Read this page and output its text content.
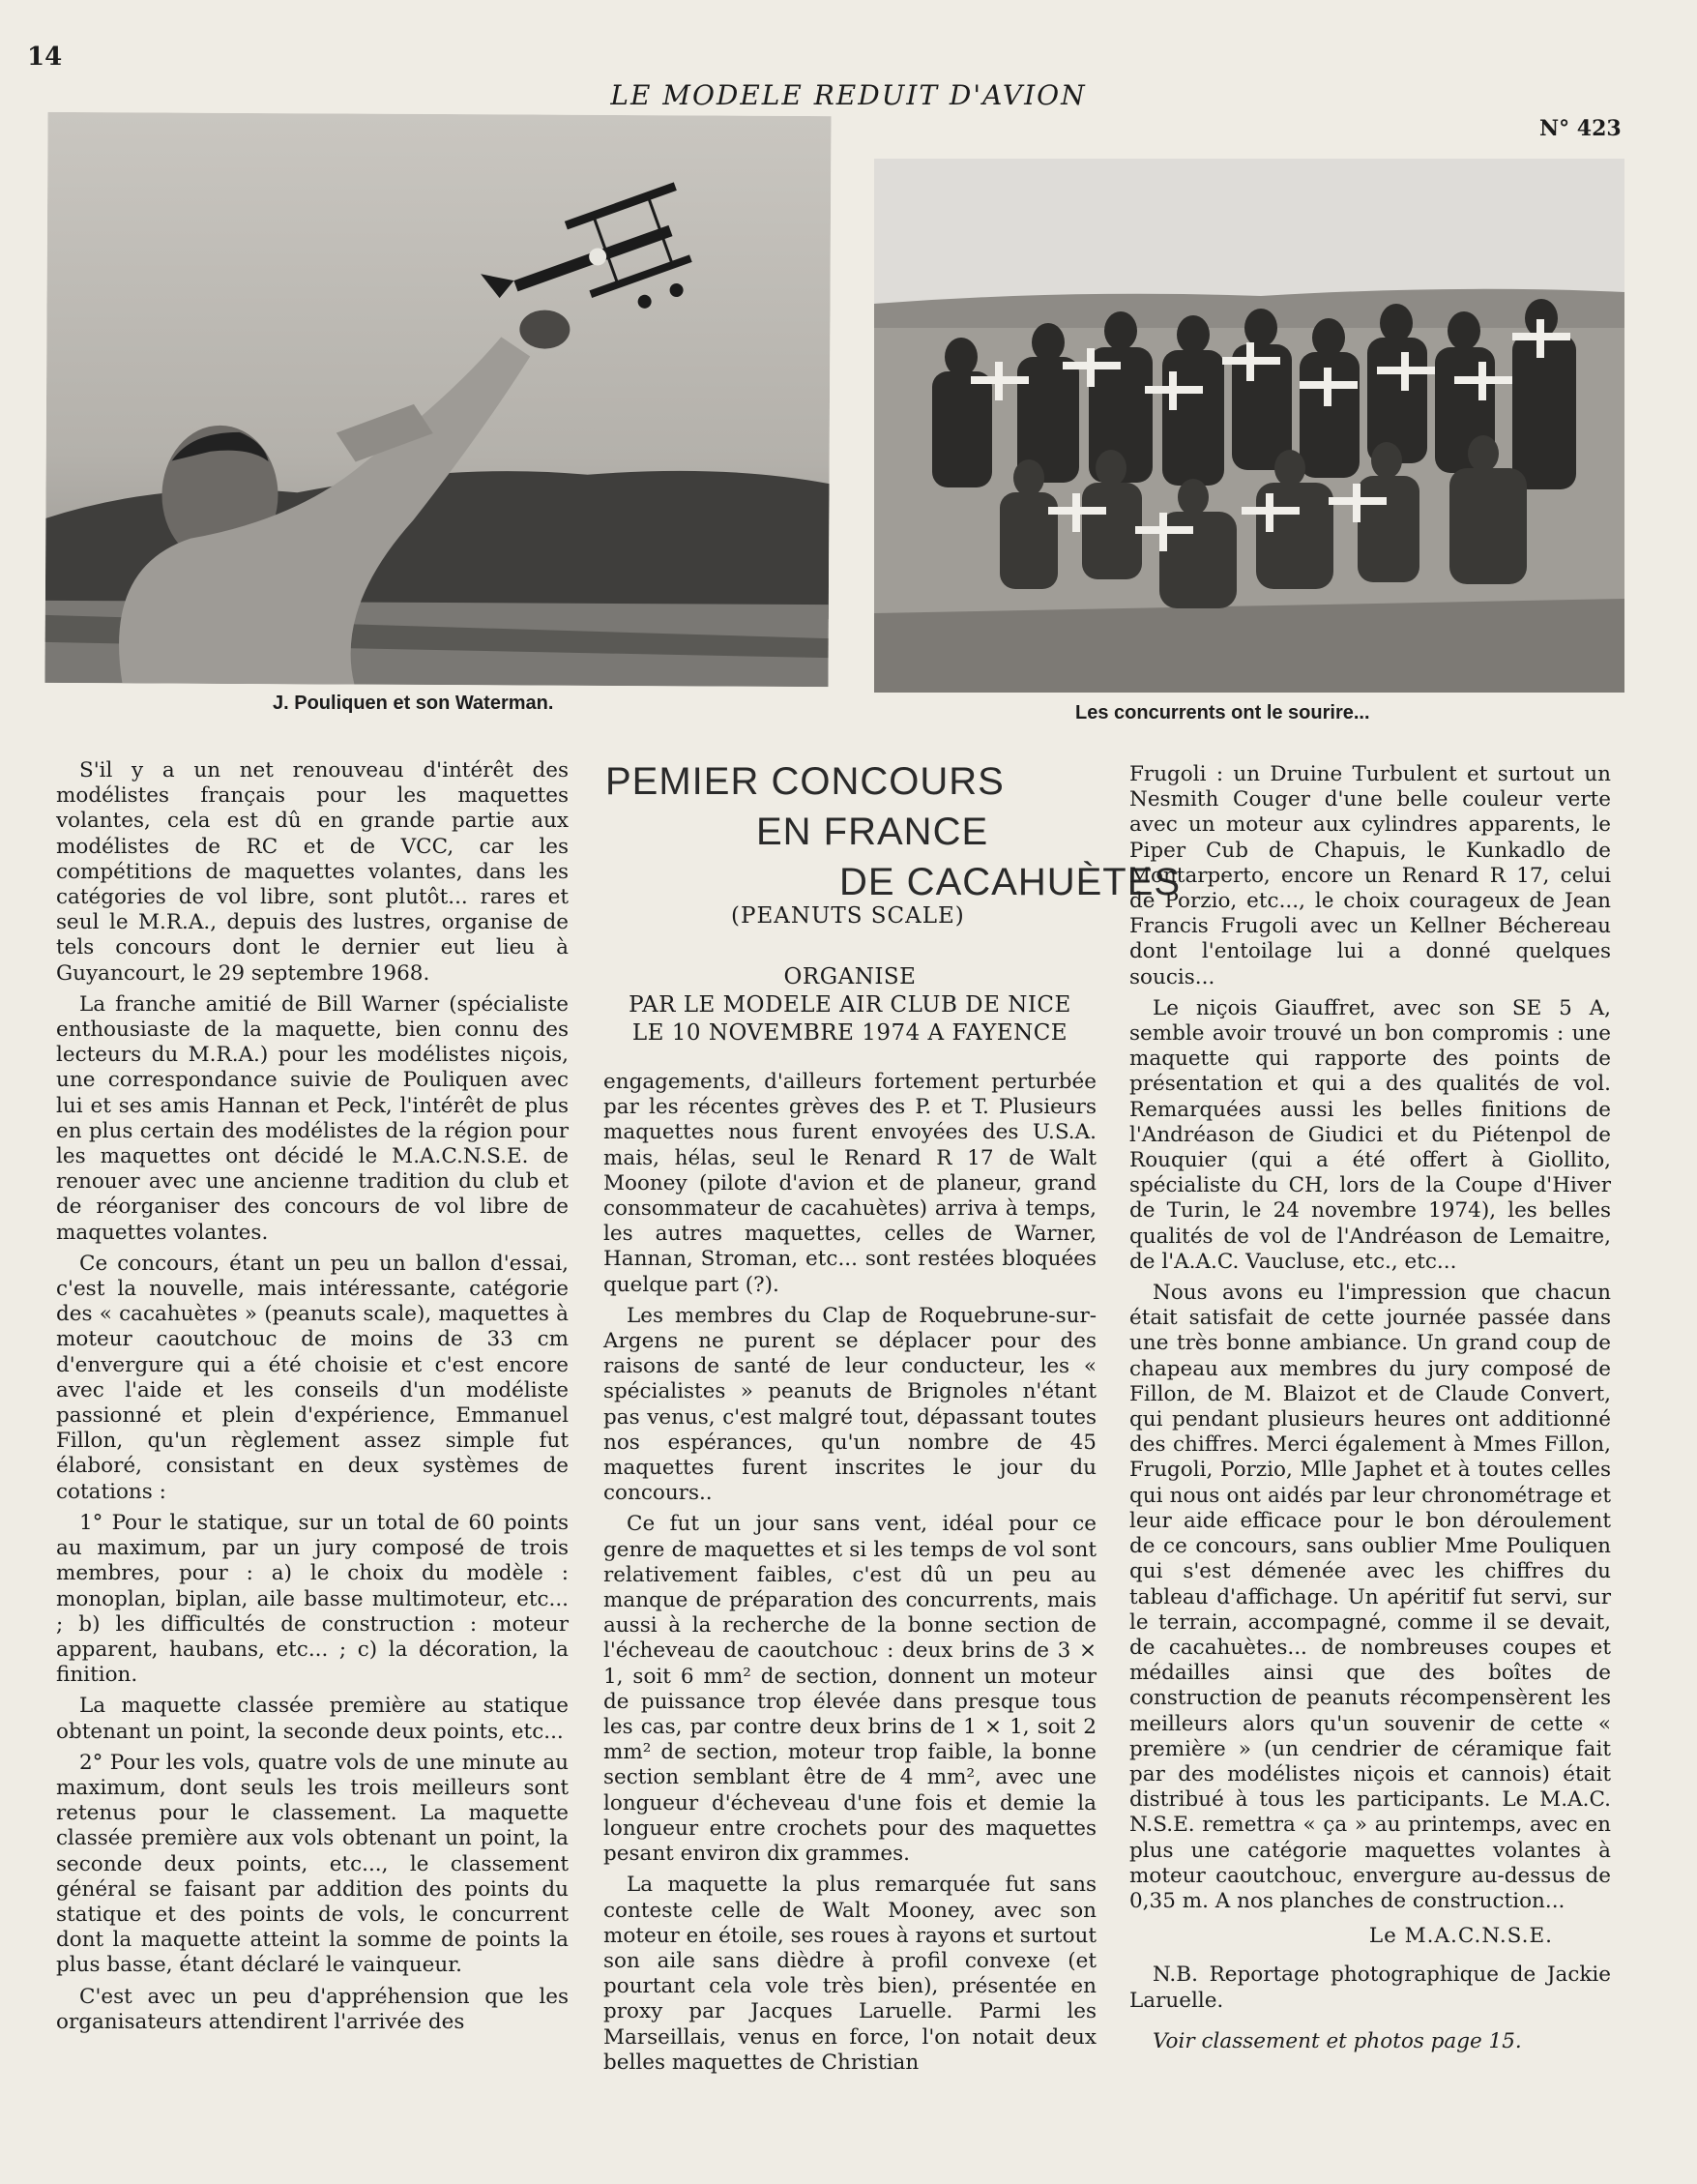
14
LE MODELE REDUIT D'AVION
N° 423
J. Pouliquen et son Waterman.	Les concurrents ont le sourire...

S'il y a un net renouveau d'intérêt des modélistes français pour les maquettes volantes, cela est dû en grande partie aux modélistes de RC et de VCC, car les compétitions de maquettes volantes, dans les catégories de vol libre, sont plutôt... rares et seul le M.R.A., depuis des lustres, organise de tels concours dont le dernier eut lieu à Guyancourt, le 29 septembre 1968.

La franche amitié de Bill Warner (spécialiste enthousiaste de la maquette, bien connu des lecteurs du M.R.A.) pour les modélistes niçois, une correspondance suivie de Pouliquen avec lui et ses amis Hannan et Peck, l'intérêt de plus en plus certain des modélistes de la région pour les maquettes ont décidé le M.A.C.N.S.E. de renouer avec une ancienne tradition du club et de réorganiser des concours de vol libre de maquettes volantes.

Ce concours, étant un peu un ballon d'essai, c'est la nouvelle, mais intéressante, catégorie des « cacahuètes » (peanuts scale), maquettes à moteur caoutchouc de moins de 33 cm d'envergure qui a été choisie et c'est encore avec l'aide et les conseils d'un modéliste passionné et plein d'expérience, Emmanuel Fillon, qu'un règlement assez simple fut élaboré, consistant en deux systèmes de cotations :

1° Pour le statique, sur un total de 60 points au maximum, par un jury composé de trois membres, pour : a) le choix du modèle : monoplan, biplan, aile basse multimoteur, etc... ; b) les difficultés de construction : moteur apparent, haubans, etc... ; c) la décoration, la finition.

La maquette classée première au statique obtenant un point, la seconde deux points, etc...

2° Pour les vols, quatre vols de une minute au maximum, dont seuls les trois meilleurs sont retenus pour le classement. La maquette classée première aux vols obtenant un point, la seconde deux points, etc..., le classement général se faisant par addition des points du statique et des points de vols, le concurrent dont la maquette atteint la somme de points la plus basse, étant déclaré le vainqueur.

C'est avec un peu d'appréhension que les organisateurs attendirent l'arrivée des

PEMIER CONCOURS
EN FRANCE
DE CACAHUÈTES
(PEANUTS SCALE)
ORGANISE
PAR LE MODELE AIR CLUB DE NICE
LE 10 NOVEMBRE 1974 A FAYENCE

engagements, d'ailleurs fortement perturbée par les récentes grèves des P. et T. Plusieurs maquettes nous furent envoyées des U.S.A. mais, hélas, seul le Renard R 17 de Walt Mooney (pilote d'avion et de planeur, grand consommateur de cacahuètes) arriva à temps, les autres maquettes, celles de Warner, Hannan, Stroman, etc... sont restées bloquées quelque part (?).

Les membres du Clap de Roquebrune-sur-Argens ne purent se déplacer pour des raisons de santé de leur conducteur, les « spécialistes » peanuts de Brignoles n'étant pas venus, c'est malgré tout, dépassant toutes nos espérances, qu'un nombre de 45 maquettes furent inscrites le jour du concours..

Ce fut un jour sans vent, idéal pour ce genre de maquettes et si les temps de vol sont relativement faibles, c'est dû un peu au manque de préparation des concurrents, mais aussi à la recherche de la bonne section de l'écheveau de caoutchouc : deux brins de 3 × 1, soit 6 mm² de section, donnent un moteur de puissance trop élevée dans presque tous les cas, par contre deux brins de 1 × 1, soit 2 mm² de section, moteur trop faible, la bonne section semblant être de 4 mm², avec une longueur d'écheveau d'une fois et demie la longueur entre crochets pour des maquettes pesant environ dix grammes.

La maquette la plus remarquée fut sans conteste celle de Walt Mooney, avec son moteur en étoile, ses roues à rayons et surtout son aile sans dièdre à profil convexe (et pourtant cela vole très bien), présentée en proxy par Jacques Laruelle. Parmi les Marseillais, venus en force, l'on notait deux belles maquettes de Christian

Frugoli : un Druine Turbulent et surtout un Nesmith Couger d'une belle couleur verte avec un moteur aux cylindres apparents, le Piper Cub de Chapuis, le Kunkadlo de Montarperto, encore un Renard R 17, celui de Porzio, etc..., le choix courageux de Jean Francis Frugoli avec un Kellner Béchereau dont l'entoilage lui a donné quelques soucis...

Le niçois Giauffret, avec son SE 5 A, semble avoir trouvé un bon compromis : une maquette qui rapporte des points de présentation et qui a des qualités de vol. Remarquées aussi les belles finitions de l'Andréason de Giudici et du Piétenpol de Rouquier (qui a été offert à Giollito, spécialiste du CH, lors de la Coupe d'Hiver de Turin, le 24 novembre 1974), les belles qualités de vol de l'Andréason de Lemaitre, de l'A.A.C. Vaucluse, etc., etc...

Nous avons eu l'impression que chacun était satisfait de cette journée passée dans une très bonne ambiance. Un grand coup de chapeau aux membres du jury composé de Fillon, de M. Blaizot et de Claude Convert, qui pendant plusieurs heures ont additionné des chiffres. Merci également à Mmes Fillon, Frugoli, Porzio, Mlle Japhet et à toutes celles qui nous ont aidés par leur chronométrage et leur aide efficace pour le bon déroulement de ce concours, sans oublier Mme Pouliquen qui s'est démenée avec les chiffres du tableau d'affichage. Un apéritif fut servi, sur le terrain, accompagné, comme il se devait, de cacahuètes... de nombreuses coupes et médailles ainsi que des boîtes de construction de peanuts récompensèrent les meilleurs alors qu'un souvenir de cette « première » (un cendrier de céramique fait par des modélistes niçois et cannois) était distribué à tous les participants. Le M.A.C. N.S.E. remettra « ça » au printemps, avec en plus une catégorie maquettes volantes à moteur caoutchouc, envergure au-dessus de 0,35 m. A nos planches de construction...

Le M.A.C.N.S.E.
N.B. Reportage photographique de Jackie Laruelle.
Voir classement et photos page 15.
